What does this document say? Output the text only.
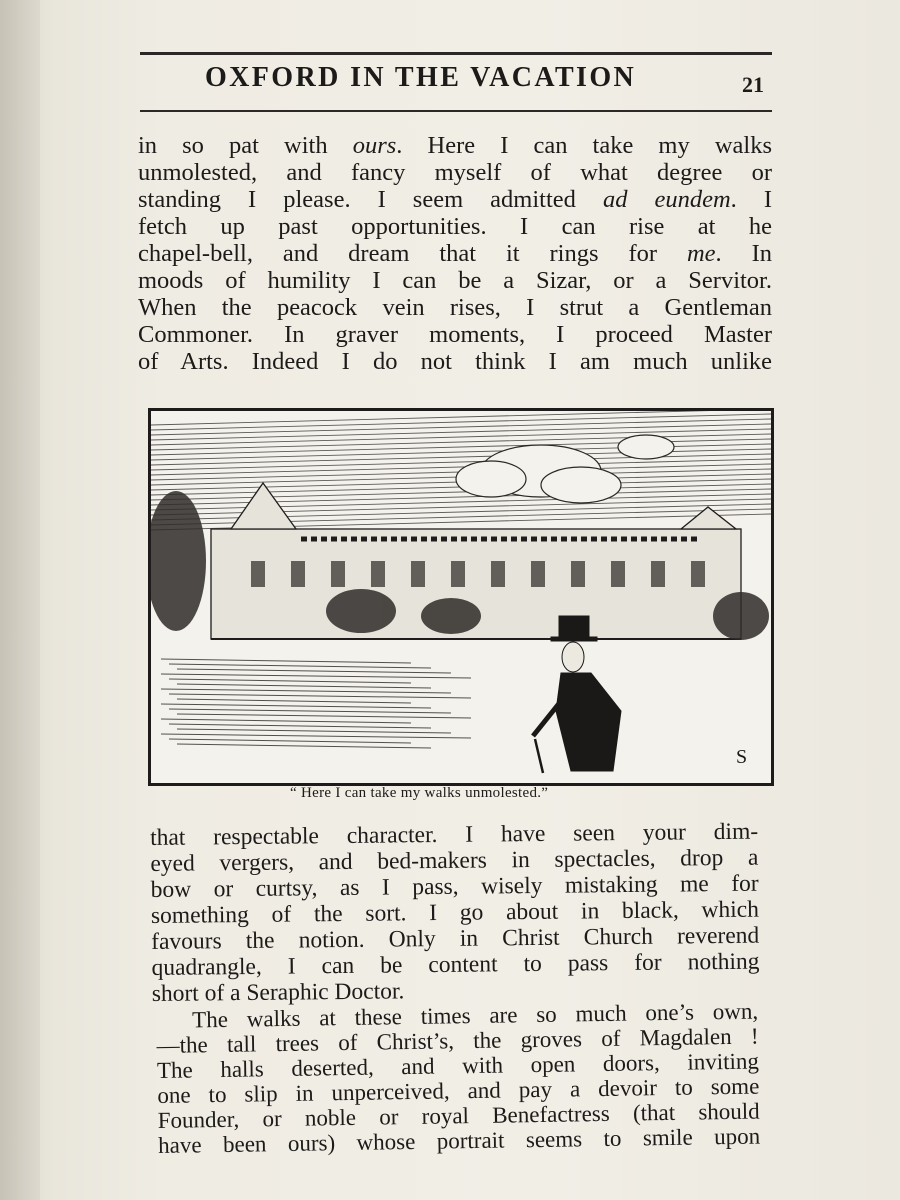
OXFORD IN THE VACATION	21
in so pat with ours. Here I can take my walks
unmolested, and fancy myself of what degree or
standing I please. I seem admitted ad eundem. I
fetch up past opportunities. I can rise at he
chapel-bell, and dream that it rings for me. In
moods of humility I can be a Sizar, or a Servitor.
When the peacock vein rises, I strut a Gentleman
Commoner. In graver moments, I proceed Master
of Arts. Indeed I do not think I am much unlike
S
“ Here I can take my walks unmolested.”
that respectable character. I have seen your dim-
eyed vergers, and bed-makers in spectacles, drop a
bow or curtsy, as I pass, wisely mistaking me for
something of the sort. I go about in black, which
favours the notion. Only in Christ Church reverend
quadrangle, I can be content to pass for nothing
short of a Seraphic Doctor.
The walks at these times are so much one’s own,
—the tall trees of Christ’s, the groves of Magdalen !
The halls deserted, and with open doors, inviting
one to slip in unperceived, and pay a devoir to some
Founder, or noble or royal Benefactress (that should
have been ours) whose portrait seems to smile upon
